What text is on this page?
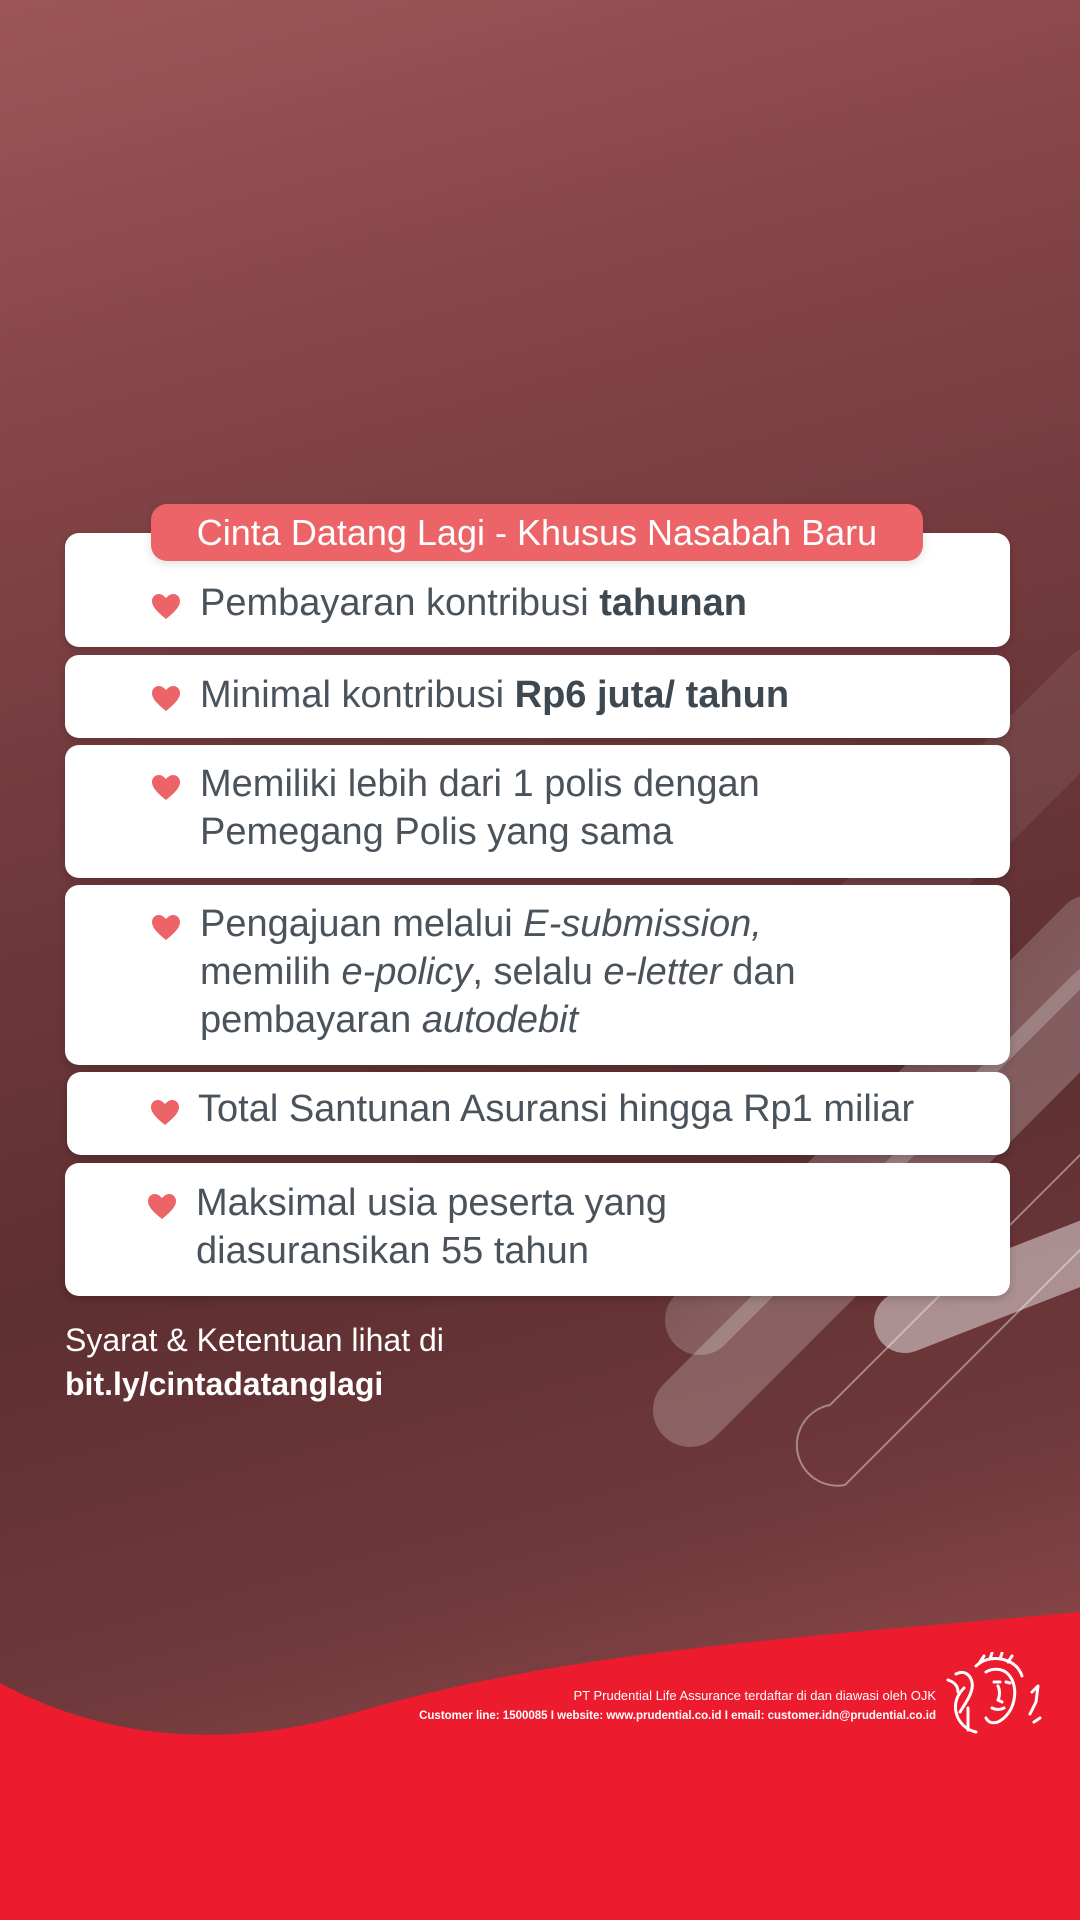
Cinta Datang Lagi - Khusus Nasabah Baru
Pembayaran kontribusi tahunan
Minimal kontribusi Rp6 juta/ tahun
Memiliki lebih dari 1 polis dengan
Pemegang Polis yang sama
Pengajuan melalui E-submission,
memilih e-policy, selalu e-letter dan
pembayaran autodebit
Total Santunan Asuransi hingga Rp1 miliar
Maksimal usia peserta yang
diasuransikan 55 tahun
Syarat & Ketentuan lihat di
bit.ly/cintadatanglagi
PT Prudential Life Assurance terdaftar di dan diawasi oleh OJK
Customer line: 1500085 I website: www.prudential.co.id I email: customer.idn@prudential.co.id
